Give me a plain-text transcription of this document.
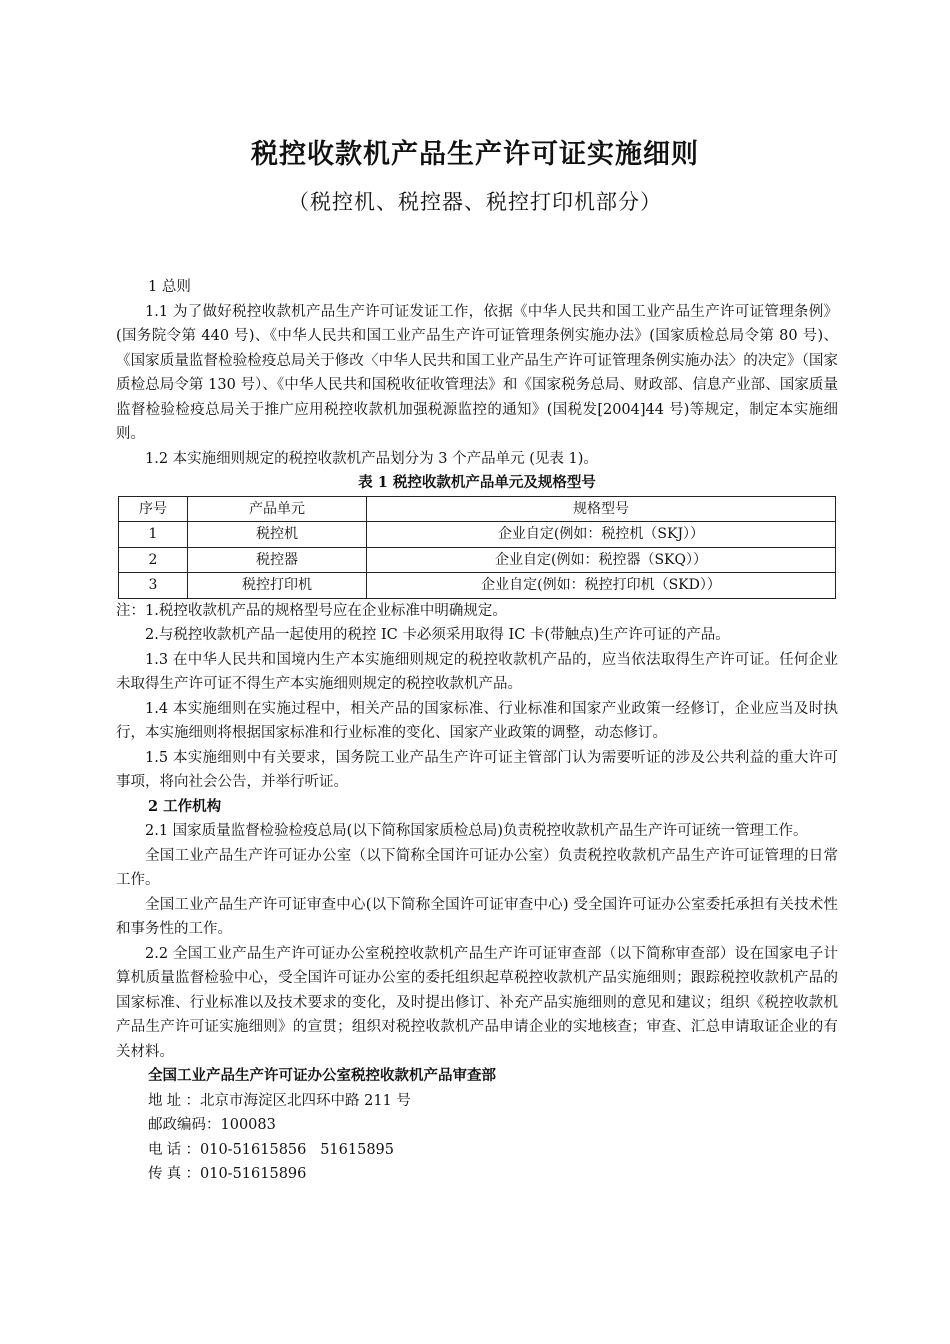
税控收款机产品生产许可证实施细则
（税控机、税控器、税控打印机部分）

1 总则

1.1 为了做好税控收款机产品生产许可证发证工作，依据《中华人民共和国工业产品生产许可证管理条例》(国务院令第 440 号)、《中华人民共和国工业产品生产许可证管理条例实施办法》(国家质检总局令第 80 号)、《国家质量监督检验检疫总局关于修改〈中华人民共和国工业产品生产许可证管理条例实施办法〉的决定》（国家质检总局令第 130 号）、《中华人民共和国税收征收管理法》和《国家税务总局、财政部、信息产业部、国家质量监督检验检疫总局关于推广应用税控收款机加强税源监控的通知》(国税发[2004]44 号)等规定，制定本实施细则。

1.2 本实施细则规定的税控收款机产品划分为 3 个产品单元 (见表 1)。

表 1 税控收款机产品单元及规格型号

序号	产品单元	规格型号
1	税控机	企业自定(例如：税控机（SKJ））
2	税控器	企业自定(例如：税控器（SKQ））
3	税控打印机	企业自定(例如：税控打印机（SKD））

注：1.税控收款机产品的规格型号应在企业标准中明确规定。

2.与税控收款机产品一起使用的税控 IC 卡必须采用取得 IC 卡(带触点)生产许可证的产品。

1.3 在中华人民共和国境内生产本实施细则规定的税控收款机产品的，应当依法取得生产许可证。任何企业未取得生产许可证不得生产本实施细则规定的税控收款机产品。

1.4 本实施细则在实施过程中，相关产品的国家标准、行业标准和国家产业政策一经修订，企业应当及时执行，本实施细则将根据国家标准和行业标准的变化、国家产业政策的调整，动态修订。

1.5 本实施细则中有关要求，国务院工业产品生产许可证主管部门认为需要听证的涉及公共利益的重大许可事项，将向社会公告，并举行听证。

2 工作机构

2.1 国家质量监督检验检疫总局(以下简称国家质检总局)负责税控收款机产品生产许可证统一管理工作。

全国工业产品生产许可证办公室（以下简称全国许可证办公室）负责税控收款机产品生产许可证管理的日常工作。

全国工业产品生产许可证审查中心(以下简称全国许可证审查中心) 受全国许可证办公室委托承担有关技术性和事务性的工作。

2.2 全国工业产品生产许可证办公室税控收款机产品生产许可证审查部（以下简称审查部）设在国家电子计算机质量监督检验中心，受全国许可证办公室的委托组织起草税控收款机产品实施细则；跟踪税控收款机产品的国家标准、行业标准以及技术要求的变化，及时提出修订、补充产品实施细则的意见和建议；组织《税控收款机产品生产许可证实施细则》的宣贯；组织对税控收款机产品申请企业的实地核查；审查、汇总申请取证企业的有关材料。

全国工业产品生产许可证办公室税控收款机产品审查部

地址：北京市海淀区北四环中路 211 号

邮政编码：100083

电话：010-51615856   51615895

传真：010-51615896
